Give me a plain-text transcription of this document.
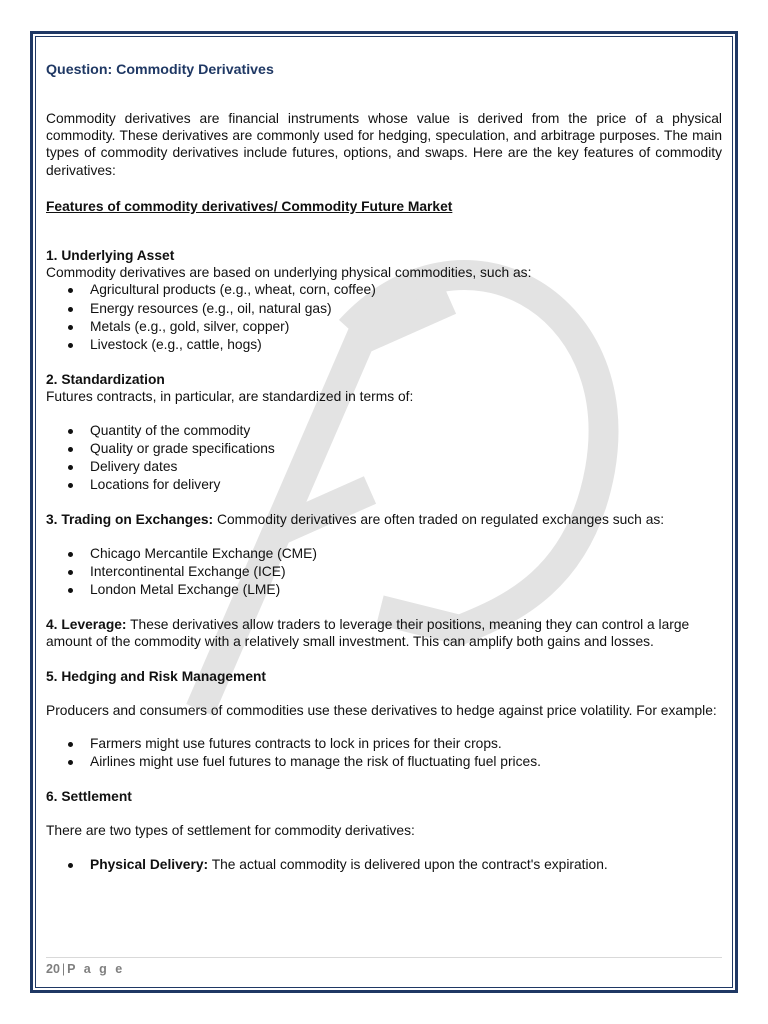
Question: Commodity Derivatives

Commodity derivatives are financial instruments whose value is derived from the price of a physical commodity. These derivatives are commonly used for hedging, speculation, and arbitrage purposes. The main types of commodity derivatives include futures, options, and swaps. Here are the key features of commodity derivatives:

Features of commodity derivatives/ Commodity Future Market

1. Underlying Asset

Commodity derivatives are based on underlying physical commodities, such as:

Agricultural products (e.g., wheat, corn, coffee)
Energy resources (e.g., oil, natural gas)
Metals (e.g., gold, silver, copper)
Livestock (e.g., cattle, hogs)

2. Standardization

Futures contracts, in particular, are standardized in terms of:

Quantity of the commodity
Quality or grade specifications
Delivery dates
Locations for delivery

3. Trading on Exchanges: Commodity derivatives are often traded on regulated exchanges such as:

Chicago Mercantile Exchange (CME)
Intercontinental Exchange (ICE)
London Metal Exchange (LME)

4. Leverage: These derivatives allow traders to leverage their positions, meaning they can control a large amount of the commodity with a relatively small investment. This can amplify both gains and losses.

5. Hedging and Risk Management

Producers and consumers of commodities use these derivatives to hedge against price volatility. For example:

Farmers might use futures contracts to lock in prices for their crops.
Airlines might use fuel futures to manage the risk of fluctuating fuel prices.

6. Settlement

There are two types of settlement for commodity derivatives:

Physical Delivery: The actual commodity is delivered upon the contract's expiration.
20 | P a g e
